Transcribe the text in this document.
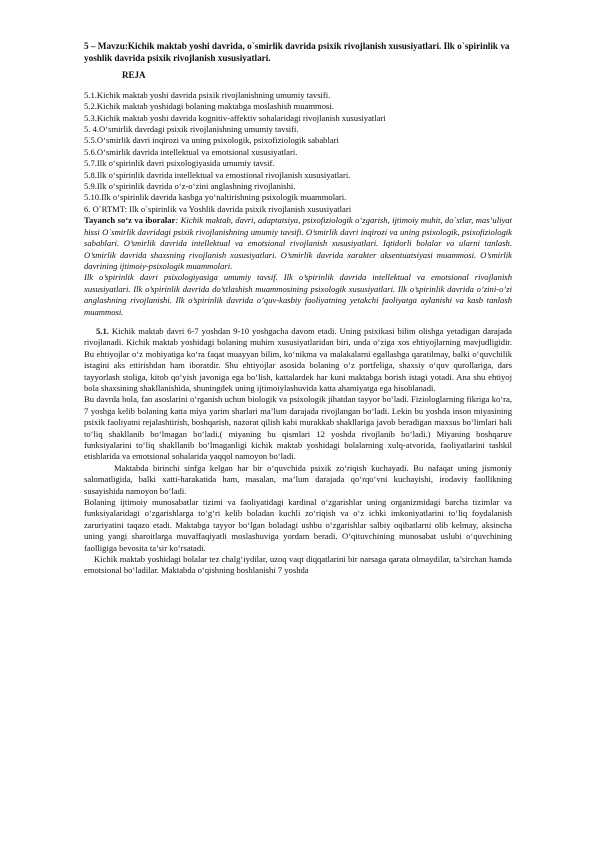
5 – Mavzu:Kichik maktab yoshi davrida, o`smirlik davrida psixik rivojlanish xususiyatlari. Ilk o`spirinlik va yoshlik davrida psixik rivojlanish xususiyatlari.

REJA

5.1.Kichik maktab yoshi davrida psixik rivojlanishning umumiy tavsifi.

5.2.Kichik maktab yoshidagi bolaning maktabga moslashish muammosi.

5.3.Kichik maktab yoshi davrida kognitiv-affektiv sohalaridagi rivojlanish xususiyatlari

5. 4.O‘smirlik davrdagi psixik rivojlanishning umumiy tavsifi.

5.5.O‘smirlik davri inqirozi va uning psixologik, psixofiziologik sabablari

5.6.O‘smirlik davrida intellektual va emotsional xususiyatlari.

5.7.Ilk o‘spirinlik davri psixologiyasida umumiy tavsif.

5.8.Ilk o‘spirinlik davrida intellektual va emostional rivojlanish xususiyatlari.

5.9.Ilk o‘spirinlik davrida o‘z-o‘zini anglashning rivojlanishi.

5.10.Ilk o‘spirinlik davrida kasbga yo‘naltirishning psixologik muammolari.

6. O`RTMT: Ilk o`spirinlik va Yoshlik davrida psixik rivojlanish xususiyatlari

Tayanch so‘z va iboralar: Kichik maktab, davri, adaptatsiya, psixofiziologik o‘zgarish, ijtimoiy muhit, do`stlar, mas’uliyat hissi O`smirlik davridagi psixik rivojlanishning umumiy tavsifi. O’smirlik davri inqirozi va uning psixologik, psixofiziologik sabablari. O’smirlik davrida intellektual va emotsional rivojlanish xususiyatlari. Iqtidorli bolalar va ularni tanlash. O’smirlik davrida shaxsning rivojlanish xususiyatlari. O’smirlik davrida xarakter aksentuatsiyasi muammosi. O’smirlik davrining ijtimoiy-psixologik muammolari.

Ilk o’spirinlik davri psixologiyasiga umumiy tavsif. Ilk o’spirinlik davrida intellektual va emotsional rivojlanish xususiyatlari. Ilk o’spirinlik davrida do’stlashish muammosining psixologik xususiyatlari. Ilk o’spirinlik davrida o’zini-o’zi anglashning rivojlanishi. Ilk o’spirinlik davrida o’quv-kasbiy faoliyatning yetakchi faoliyatga aylanishi va kasb tanlash muammosi.

5.1. Kichik maktab davri 6-7 yoshdan 9-10 yoshgacha davom etadi. Uning psixikasi bilim olishga yetadigan darajada rivojlanadi. Kichik maktab yoshidagi bolaning muhim xususiyatlaridan biri, unda o‘ziga xos ehtiyojlarning mavjudligidir. Bu ehtiyojlar o‘z mohiyatiga ko‘ra faqat muayyan bilim, ko‘nikma va malakalarni egallashga qaratilmay, balki o‘quvchilik istagini aks ettirishdan ham iboratdir. Shu ehtiyojlar asosida bolaning o‘z portfeliga, shaxsiy o‘quv qurollariga, dars tayyorlash stoliga, kitob qo‘yish javoniga ega bo‘lish, kattalardek har kuni maktabga borish istagi yotadi. Ana shu ehtiyoj bola shaxsining shakllanishida, shuningdek uning ijtimoiylashuvida katta ahamiyatga ega hisoblanadi.

Bu davrda bola, fan asoslarini o‘rganish uchun biologik va psixologik jihatdan tayyor bo‘ladi. Fiziologlarning fikriga ko‘ra, 7 yoshga kelib bolaning katta miya yarim sharlari ma’lum darajada rivojlangan bo‘ladi. Lekin bu yoshda inson miyasining psixik faoliyatni rejalashtirish, boshqarish, nazorat qilish kabi murakkab shakllariga javob beradigan maxsus bo‘limlari hali to‘liq shakllanib bo‘lmagan bo‘ladi.( miyaning bu qismlari 12 yoshda rivojlanib bo‘ladi.) Miyaning boshqaruv funksiyalarini to‘liq shakllanib bo‘lmaganligi kichik maktab yoshidagi bolalarning xulq-atvorida, faoliyatlarini tashkil etishlarida va emotsional sohalarida yaqqol namoyon bo‘ladi.

Maktabda birinchi sinfga kelgan har bir o‘quvchida psixik zo‘riqish kuchayadi. Bu nafaqat uning jismoniy salomatligida, balki xatti-harakatida ham, masalan, ma’lum darajada qo‘rqo‘vni kuchayishi, irodaviy faollikning susayishida namoyon bo‘ladi.

Bolaning ijtimoiy munosabatlar tizimi va faoliyatidagi kardinal o‘zgarishlar uning organizmidagi barcha tizimlar va funksiyalaridagi o‘zgarishlarga to‘g‘ri kelib boladan kuchli zo‘riqish va o‘z ichki imkoniyatlarini to‘liq foydalanish zaruriyatini taqazo etadi. Maktabga tayyor bo‘lgan boladagi ushbu o‘zgarishlar salbiy oqibatlarni olib kelmay, aksincha uning yangi sharoitlarga muvaffaqiyatli moslashuviga yordam beradi. O‘qituvchining munosabat uslubi o‘quvchining faolligiga bevosita ta’sir ko‘rsatadi.

Kichik maktab yoshidagi bolalar tez chalg‘iydilar, uzoq vaqt diqqatlarini bir narsaga qarata olmaydilar, ta’sirchan hamda emotsional bo‘ladilar. Maktabda o‘qishning boshlanishi 7 yoshda
